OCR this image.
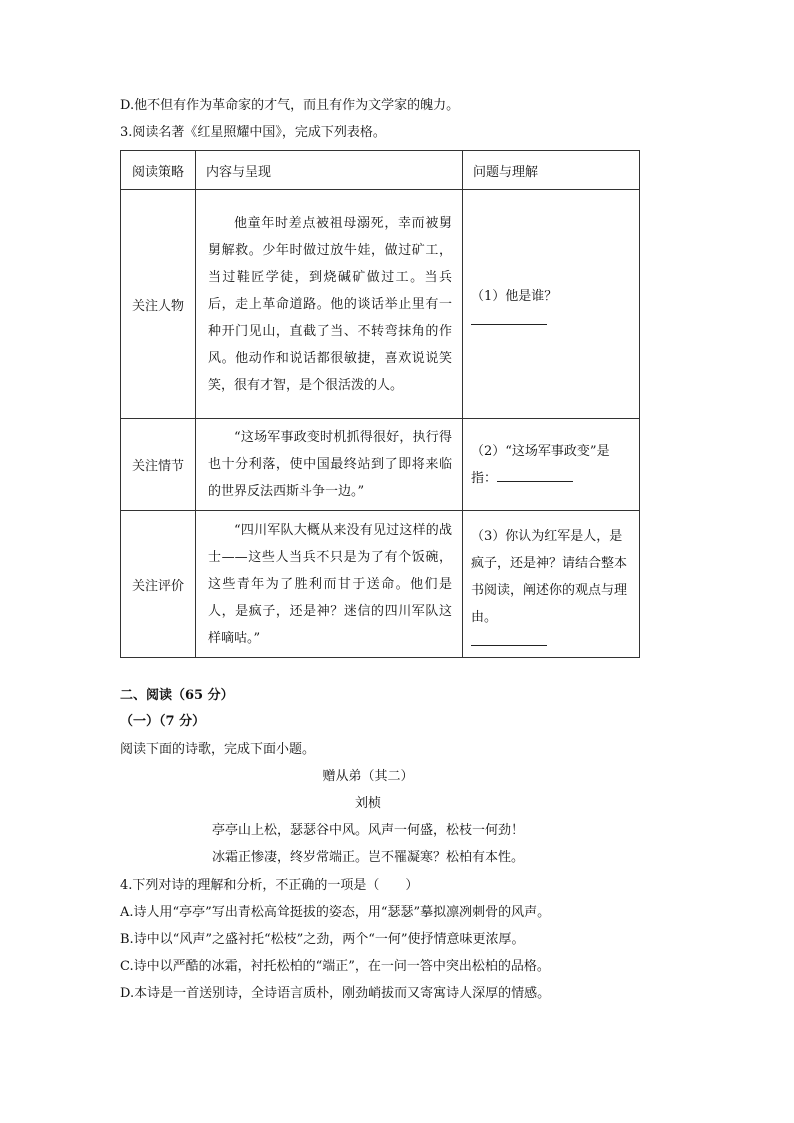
D.他不但有作为革命家的才气，而且有作为文学家的魄力。
3.阅读名著《红星照耀中国》，完成下列表格。
阅读策略	内容与呈现	问题与理解
关注人物	他童年时差点被祖母溺死，幸而被舅舅解救。少年时做过放牛娃，做过矿工，当过鞋匠学徒，到烧碱矿做过工。当兵后，走上革命道路。他的谈话举止里有一种开门见山，直截了当、不转弯抹角的作风。他动作和说话都很敏捷，喜欢说说笑笑，很有才智，是个很活泼的人。	（1）他是谁？

关注情节	“这场军事政变时机抓得很好，执行得也十分利落，使中国最终站到了即将来临的世界反法西斯斗争一边。”	（2）“这场军事政变”是指：

关注评价	“四川军队大概从来没有见过这样的战士——这些人当兵不只是为了有个饭碗，这些青年为了胜利而甘于送命。他们是人，是疯子，还是神？迷信的四川军队这样嘀咕。”	（3）你认为红军是人，是疯子，还是神？请结合整本书阅读，阐述你的观点与理由。
二、阅读（65 分）
（一）（7 分）
阅读下面的诗歌，完成下面小题。
赠从弟（其二）
刘桢
亭亭山上松，瑟瑟谷中风。风声一何盛，松枝一何劲！
冰霜正惨凄，终岁常端正。岂不罹凝寒？松柏有本性。
4.下列对诗的理解和分析，不正确的一项是（　　）
A.诗人用“亭亭”写出青松高耸挺拔的姿态，用“瑟瑟”摹拟凛冽刺骨的风声。
B.诗中以“风声”之盛衬托“松枝”之劲，两个“一何”使抒情意味更浓厚。
C.诗中以严酷的冰霜，衬托松柏的“端正”，在一问一答中突出松柏的品格。
D.本诗是一首送别诗，全诗语言质朴，刚劲峭拔而又寄寓诗人深厚的情感。
